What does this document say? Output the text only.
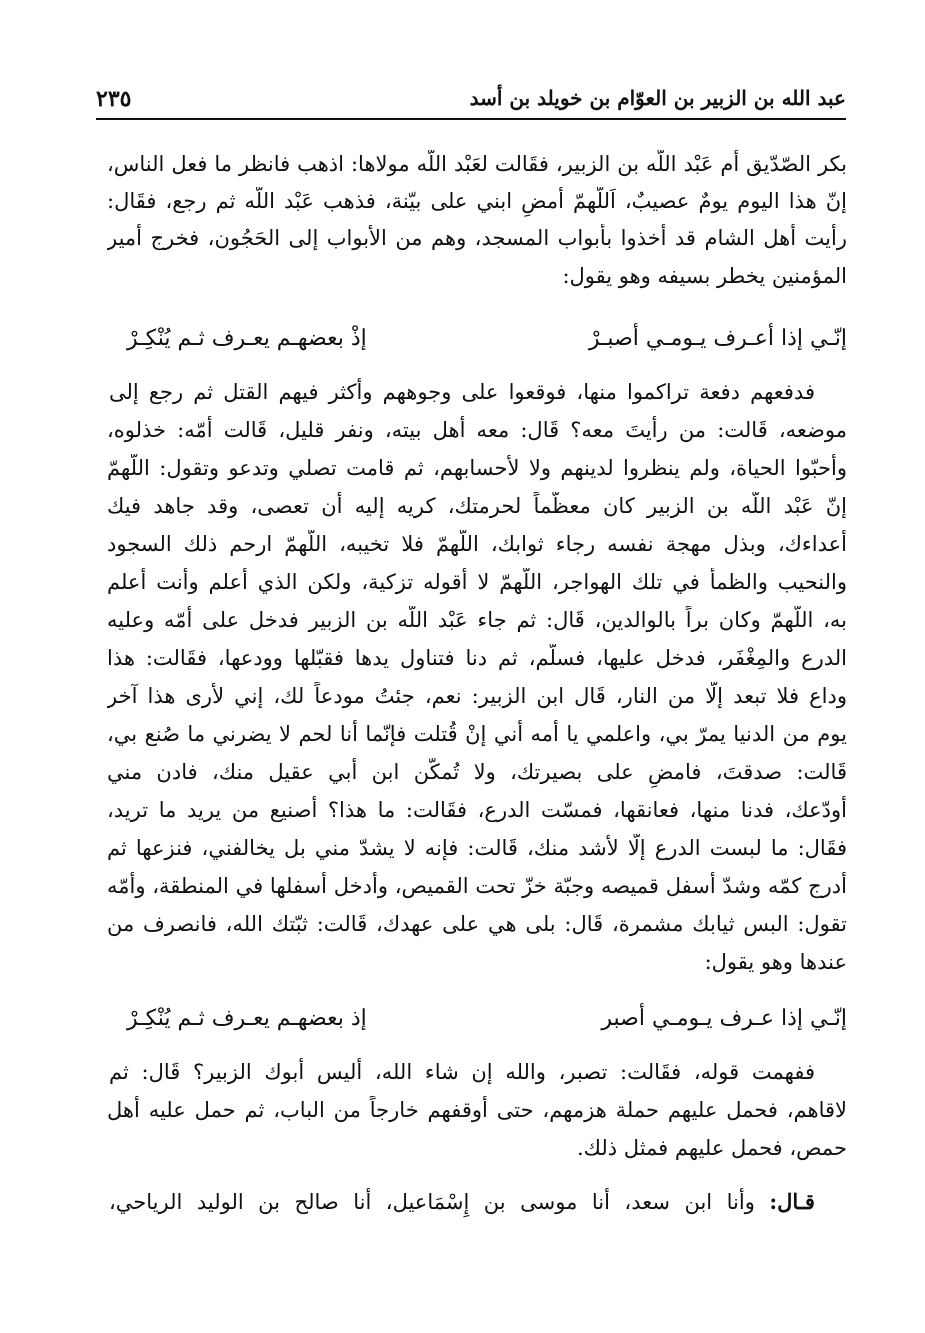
عبد الله بن الزبير بن العوّام بن خويلد بن أسد
٢٣٥
بكر الصّدّيق أم عَبْد اللَّه بن الزبير، فقَالت لعَبْد اللَّه مولاها: اذهب فانظر ما فعل الناس،
إنّ هذا اليوم يومٌ عصيبٌ، اَللّهمّ أَمضِ ابني على بيّنة، فذهب عَبْد اللَّه ثم رجع، فقَال:
رأيت أهل الشام قد أخذوا بأبواب المسجد، وهم من الأبواب إلى الحَجُون، فخرج أمير
المؤمنين يخطر بسيفه وهو يقول:
إنّـي إذا أعـرف يـومـي أصبـرْ
إذْ بعضهـم يعـرف ثـم يُنْكِـرْ
فدفعهم دفعة تراكموا منها، فوقعوا على وجوههم وأكثر فيهم القتل ثم رجع إلى
موضعه، قَالت: من رأيتَ معه؟ قَال: معه أهل بيته، ونفر قليل، قَالت أمّه: خذلوه،
وأحبّوا الحياة، ولم ينظروا لدينهم ولا لأحسابهم، ثم قامت تصلي وتدعو وتقول: اللّهمّ
إنّ عَبْد اللَّه بن الزبير كان معظّماً لحرمتك، كريه إليه أن تعصى، وقد جاهد فيك
أعداءك، وبذل مهجة نفسه رجاء ثوابك، اللّهمّ فلا تخيبه، اللّهمّ ارحم ذلك السجود
والنحيب والظمأ في تلك الهواجر، اللّهمّ لا أقوله تزكية، ولكن الذي أعلم وأنت أعلم
به، اللّهمّ وكان براً بالوالدين، قَال: ثم جاء عَبْد اللَّه بن الزبير فدخل على أمّه وعليه
الدرع والمِغْفَر، فدخل عليها، فسلّم، ثم دنا فتناول يدها فقبّلها وودعها، فقَالت: هذا
وداع فلا تبعد إلّا من النار، قَال ابن الزبير: نعم، جئتُ مودعاً لك، إني لأرى هذا آخر
يوم من الدنيا يمرّ بي، واعلمي يا أمه أني إنْ قُتلت فإنّما أنا لحم لا يضرني ما صُنع بي،
قَالت: صدقتَ، فامضِ على بصيرتك، ولا تُمكّن ابن أَبي عقيل منك، فادن مني
أودّعك، فدنا منها، فعانقها، فمسّت الدرع، فقَالت: ما هذا؟ أصنيع من يريد ما تريد،
فقَال: ما لبست الدرع إلّا لأشد منك، قَالت: فإنه لا يشدّ مني بل يخالفني، فنزعها ثم
أدرج كمّه وشدّ أسفل قميصه وجبّة خزّ تحت القميص، وأدخل أسفلها في المنطقة، وأمّه
تقول: البس ثيابك مشمرة، قَال: بلى هي على عهدك، قَالت: ثبّتك الله، فانصرف من
عندها وهو يقول:
إنّـي إذا عـرف يـومـي أصبر
إذ بعضهـم يعـرف ثـم يُنْكِـرْ
ففهمت قوله، فقَالت: تصبر، والله إن شاء الله، أليس أبوك الزبير؟ قَال: ثم
لاقاهم، فحمل عليهم حملة هزمهم، حتى أوقفهم خارجاً من الباب، ثم حمل عليه أهل
حمص، فحمل عليهم فمثل ذلك.
قـال: وأنا ابن سعد، أَنا موسى بن إِسْمَاعيل، أَنا صالح بن الوليد الرياحي،
